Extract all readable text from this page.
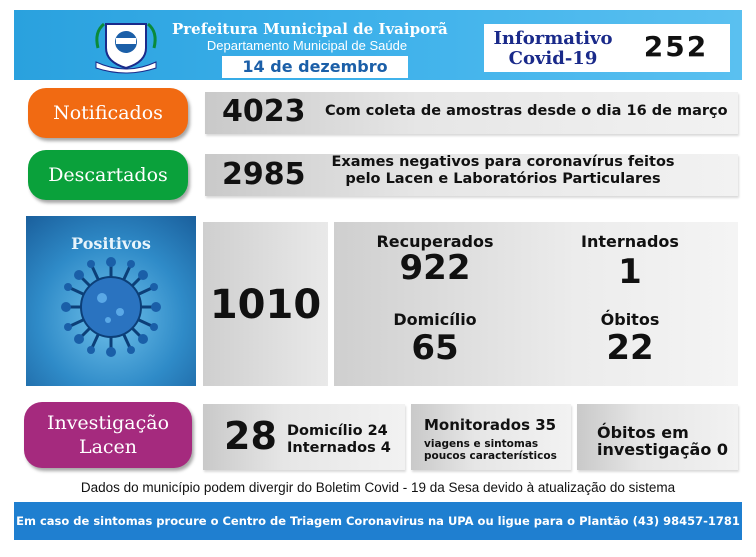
Prefeitura Municipal de Ivaiporã
Departamento Municipal de Saúde
14 de dezembro
Informativo
Covid-19	252
Notificados	4023 Com coleta de amostras desde o dia 16 de março
Descartados	2985	Exames negativos para coronavírus feitos
pelo Lacen e Laboratórios Particulares
Positivos
1010
Recuperados
922
Internados
1
Domicílio
65
Óbitos
22
Investigação
Lacen	28 Domicílio 24
Internados 4
Monitorados 35
viagens e sintomas
poucos característicos
Óbitos em
investigação 0
Dados do município podem divergir do Boletim Covid - 19 da Sesa devido à atualização do sistema
Em caso de sintomas procure o Centro de Triagem Coronavirus na UPA ou ligue para o Plantão (43) 98457-1781
